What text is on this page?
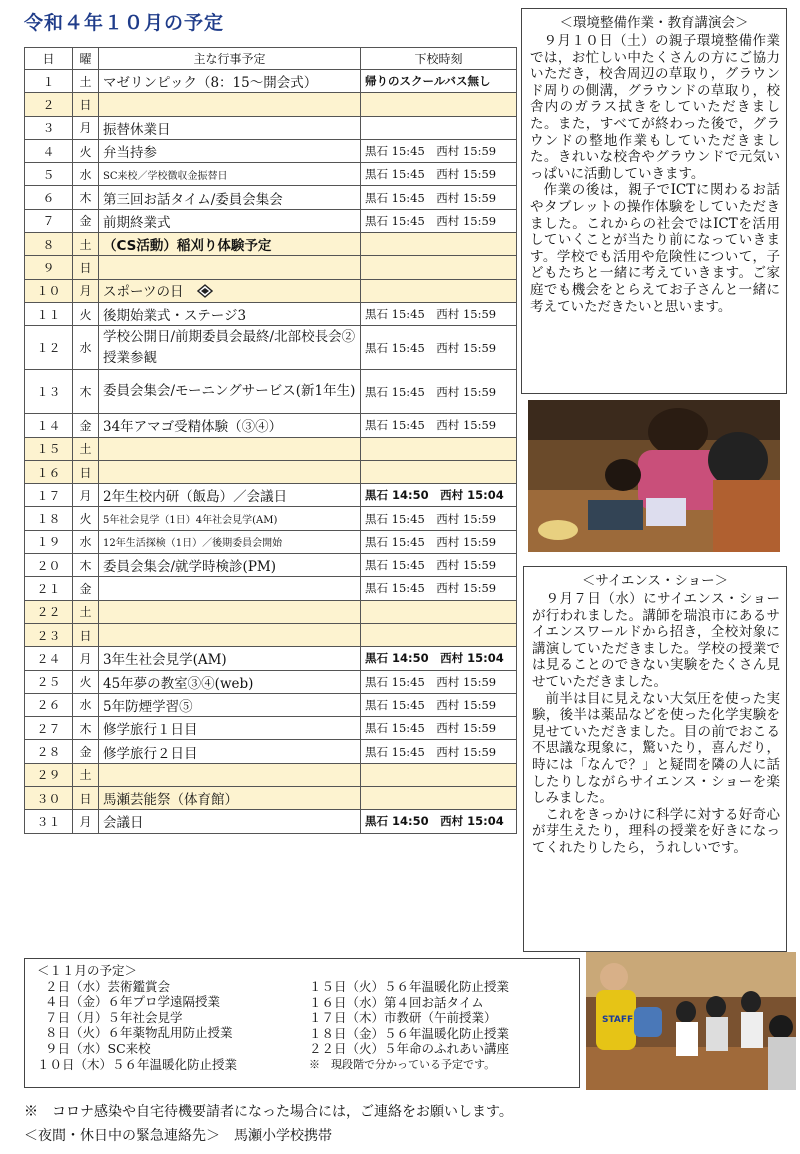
令和４年１０月の予定
日	曜	主な行事予定	下校時刻
１	土	マゼリンピック（8：15～開会式）	帰りのスクールバス無し
２	日		
３	月	振替休業日	
４	火	弁当持参	黒石 15:45　西村 15:59
５	水	SC来校／学校徴収金振替日	黒石 15:45　西村 15:59
６	木	第三回お話タイム/委員会集会	黒石 15:45　西村 15:59
７	金	前期終業式	黒石 15:45　西村 15:59
８	土	（CS活動）稲刈り体験予定	
９	日		
１０	月	スポーツの日	
１１	火	後期始業式・ステージ3	黒石 15:45　西村 15:59
１２	水	学校公開日/前期委員会最終/北部校長会②授業参観	黒石 15:45　西村 15:59
１３	木	委員会集会/モーニングサービス(新1年生)	黒石 15:45　西村 15:59
１４	金	34年アマゴ受精体験（③④）	黒石 15:45　西村 15:59
１５	土		
１６	日		
１７	月	2年生校内研（飯島）／会議日	黒石 14:50　西村 15:04
１８	火	5年社会見学（1日）4年社会見学(AM)	黒石 15:45　西村 15:59
１９	水	12年生活探検（1日）／後期委員会開始	黒石 15:45　西村 15:59
２０	木	委員会集会/就学時検診(PM)	黒石 15:45　西村 15:59
２１	金		黒石 15:45　西村 15:59
２２	土		
２３	日		
２４	月	3年生社会見学(AM)	黒石 14:50　西村 15:04
２５	火	45年夢の教室③④(web)	黒石 15:45　西村 15:59
２６	水	5年防煙学習⑤	黒石 15:45　西村 15:59
２７	木	修学旅行１日目	黒石 15:45　西村 15:59
２８	金	修学旅行２日目	黒石 15:45　西村 15:59
２９	土		
３０	日	馬瀬芸能祭（体育館）	
３１	月	会議日	黒石 14:50　西村 15:04
＜環境整備作業・教育講演会＞

９月１０日（土）の親子環境整備作業では，お忙しい中たくさんの方にご協力いただき，校舎周辺の草取り，グラウンド周りの側溝，グラウンドの草取り，校舎内のガラス拭きをしていただきました。また，すべてが終わった後で，グラウンドの整地作業もしていただきました。きれいな校舎やグラウンドで元気いっぱいに活動していきます。

作業の後は，親子でICTに関わるお話やタブレットの操作体験をしていただきました。これからの社会ではICTを活用していくことが当たり前になっていきます。学校でも活用や危険性について，子どもたちと一緒に考えていきます。ご家庭でも機会をとらえてお子さんと一緒に考えていただきたいと思います。

＜サイエンス・ショー＞

９月７日（水）にサイエンス・ショーが行われました。講師を瑞浪市にあるサイエンスワールドから招き，全校対象に講演していただきました。学校の授業では見ることのできない実験をたくさん見せていただきました。

前半は目に見えない大気圧を使った実験，後半は薬品などを使った化学実験を見せていただきました。目の前でおこる不思議な現象に，驚いたり，喜んだり，時には「なんで？」と疑問を隣の人に話したりしながらサイエンス・ショーを楽しみました。

これをきっかけに科学に対する好奇心が芽生えたり，理科の授業を好きになってくれたりしたら，うれしいです。

＜１１月の予定＞
２日（水）芸術鑑賞会
４日（金）６年プロ学遠隔授業
７日（月）５年社会見学
８日（火）６年薬物乱用防止授業
９日（水）SC来校
１０日（木）５６年温暖化防止授業
１５日（火）５６年温暖化防止授業
１６日（水）第４回お話タイム
１７日（木）市教研（午前授業）
１８日（金）５６年温暖化防止授業
２２日（火）５年命のふれあい講座
※　現段階で分かっている予定です。
STAFF
※　コロナ感染や自宅待機要請者になった場合には，ご連絡をお願いします。
＜夜間・休日中の緊急連絡先＞　馬瀬小学校携帯
